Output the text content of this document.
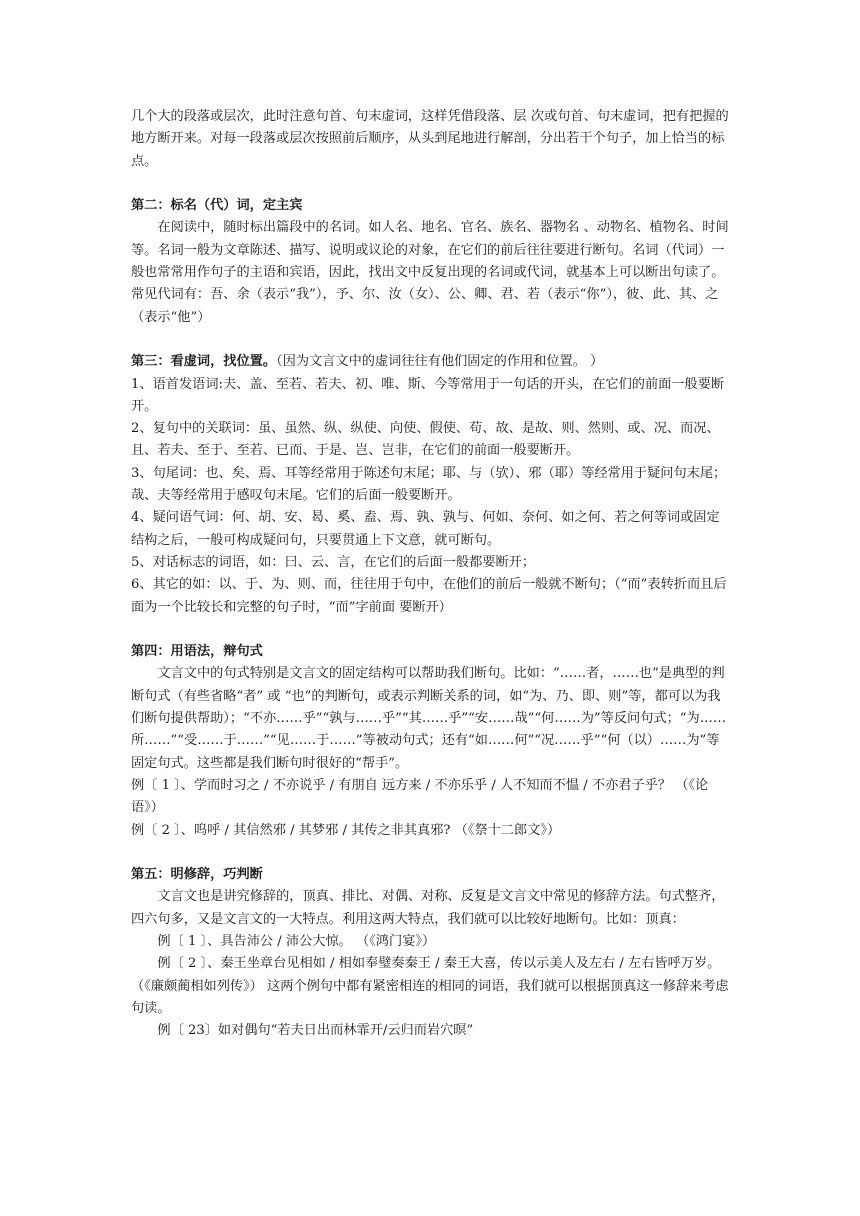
几个大的段落或层次，此时注意句首、句末虚词，这样凭借段落、层 次或句首、句末虚词，把有把握的地方断开来。对每一段落或层次按照前后顺序，从头到尾地进行解剖，分出若干个句子，加上恰当的标点。

第二：标名（代）词，定主宾

在阅读中，随时标出篇段中的名词。如人名、地名、官名、族名、器物名 、动物名、植物名、时间等。名词一般为文章陈述、描写、说明或议论的对象，在它们的前后往往要进行断句。名词（代词）一般也常常用作句子的主语和宾语，因此，找出文中反复出现的名词或代词，就基本上可以断出句读了。常见代词有：吾、余（表示“我”），予、尔、汝（女）、公、卿、君、若（表示“你”），彼、此、其、之（表示“他”）

第三：看虚词，找位置。（因为文言文中的虚词往往有他们固定的作用和位置。 ）

1、语首发语词:夫、盖、至若、若夫、初、唯、斯、今等常用于一句话的开头，在它们的前面一般要断开。

2、复句中的关联词：虽、虽然、纵、纵使、向使、假使、苟、故、是故、则、然则、或、况、而况、且、若夫、至于、至若、已而、于是、岂、岂非，在它们的前面一般要断开。

3、句尾词：也、矣、焉、耳等经常用于陈述句末尾；耶、与（欤）、邪（耶）等经常用于疑问句末尾；哉、夫等经常用于感叹句末尾。它们的后面一般要断开。

4、疑问语气词：何、胡、安、曷、奚、盍、焉、孰、孰与、何如、奈何、如之何、若之何等词或固定结构之后，一般可构成疑问句，只要贯通上下文意，就可断句。

5、对话标志的词语，如：曰、云、言，在它们的后面一般都要断开；

6、其它的如：以、于、为、则、而，往往用于句中，在他们的前后一般就不断句；（“而”表转折而且后面为一个比较长和完整的句子时，“而”字前面 要断开）

第四：用语法，辩句式

文言文中的句式特别是文言文的固定结构可以帮助我们断句。比如：“……者，……也”是典型的判断句式（有些省略“者” 或 “也”的判断句，或表示判断关系的词，如“为、乃、即、则”等，都可以为我们断句提供帮助）；“不亦……乎”“孰与……乎”“其……乎”“安……哉”“何……为”等反问句式；“为……所……”“受……于……”“见……于……”等被动句式；还有“如……何”“况……乎”“何（以）……为”等固定句式。这些都是我们断句时很好的“帮手”。

例〔 1 〕、学而时习之 / 不亦说乎 / 有朋自 远方来 / 不亦乐乎 / 人不知而不愠 / 不亦君子乎？ （《论语》）

例〔 2 〕、呜呼 / 其信然邪 / 其梦邪 / 其传之非其真邪? （《祭十二郎文》）

第五：明修辞，巧判断

文言文也是讲究修辞的，顶真、排比、对偶、对称、反复是文言文中常见的修辞方法。句式整齐，四六句多，又是文言文的一大特点。利用这两大特点，我们就可以比较好地断句。比如：顶真：

例〔 1 〕、具告沛公 / 沛公大惊。 （《鸿门宴》）

例〔 2 〕、秦王坐章台见相如 / 相如奉璧奏秦王 / 秦王大喜，传以示美人及左右 / 左右皆呼万岁。 （《廉颇蔺相如列传》） 这两个例句中都有紧密相连的相同的词语，我们就可以根据顶真这一修辞来考虑句读。

例〔 23〕如对偶句“若夫日出而林霏开/云归而岩穴暝”
